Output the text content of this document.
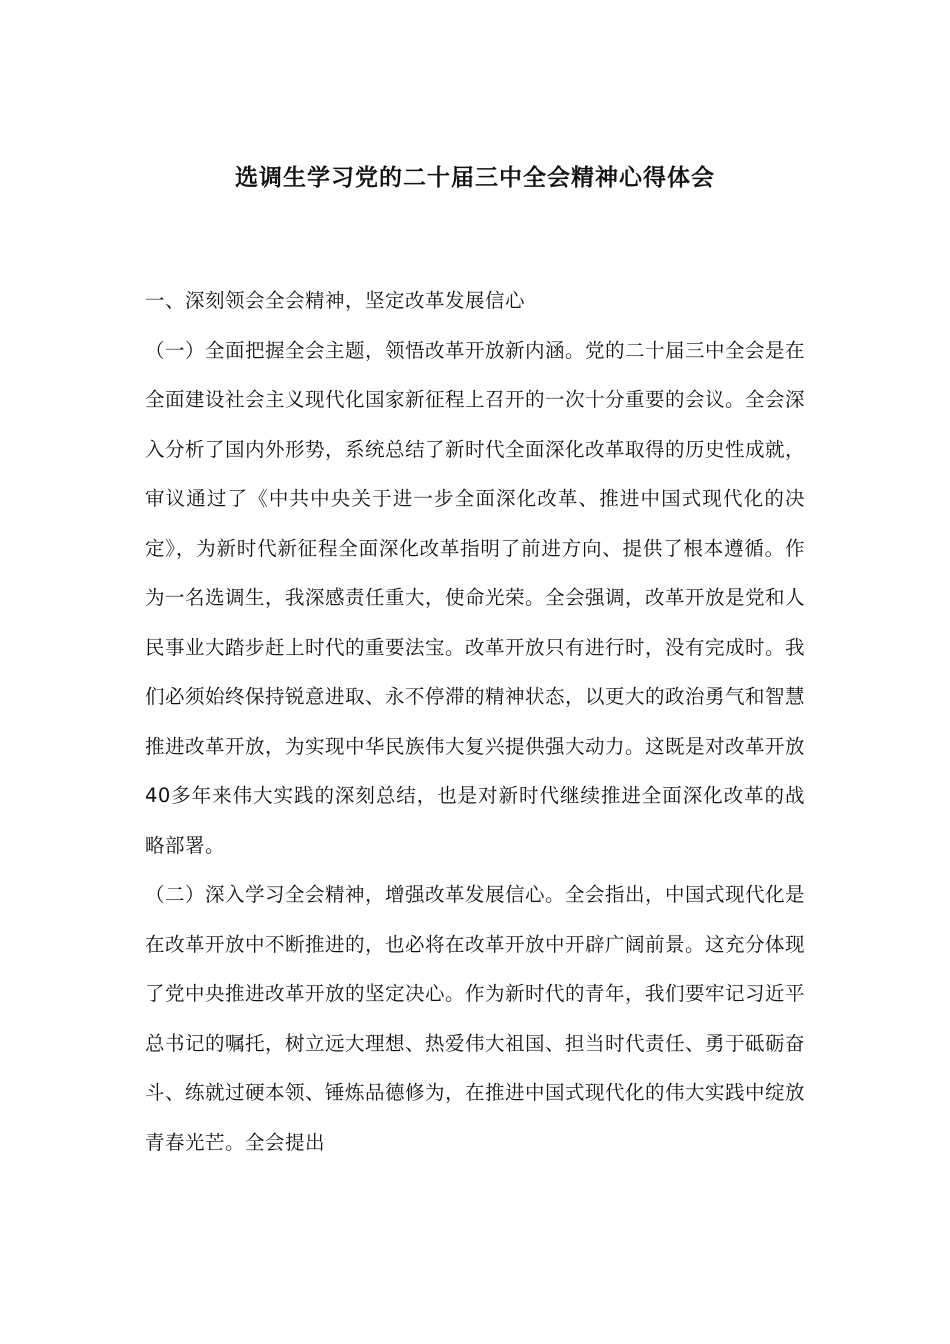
选调生学习党的二十届三中全会精神心得体会

一、深刻领会全会精神，坚定改革发展信心

（一）全面把握全会主题，领悟改革开放新内涵。党的二十届三中全会是在全面建设社会主义现代化国家新征程上召开的一次十分重要的会议。全会深入分析了国内外形势，系统总结了新时代全面深化改革取得的历史性成就，审议通过了《中共中央关于进一步全面深化改革、推进中国式现代化的决定》，为新时代新征程全面深化改革指明了前进方向、提供了根本遵循。作为一名选调生，我深感责任重大，使命光荣。全会强调，改革开放是党和人民事业大踏步赶上时代的重要法宝。改革开放只有进行时，没有完成时。我们必须始终保持锐意进取、永不停滞的精神状态，以更大的政治勇气和智慧推进改革开放，为实现中华民族伟大复兴提供强大动力。这既是对改革开放40多年来伟大实践的深刻总结，也是对新时代继续推进全面深化改革的战略部署。

（二）深入学习全会精神，增强改革发展信心。全会指出，中国式现代化是在改革开放中不断推进的，也必将在改革开放中开辟广阔前景。这充分体现了党中央推进改革开放的坚定决心。作为新时代的青年，我们要牢记习近平总书记的嘱托，树立远大理想、热爱伟大祖国、担当时代责任、勇于砥砺奋斗、练就过硬本领、锤炼品德修为，在推进中国式现代化的伟大实践中绽放青春光芒。全会提出
